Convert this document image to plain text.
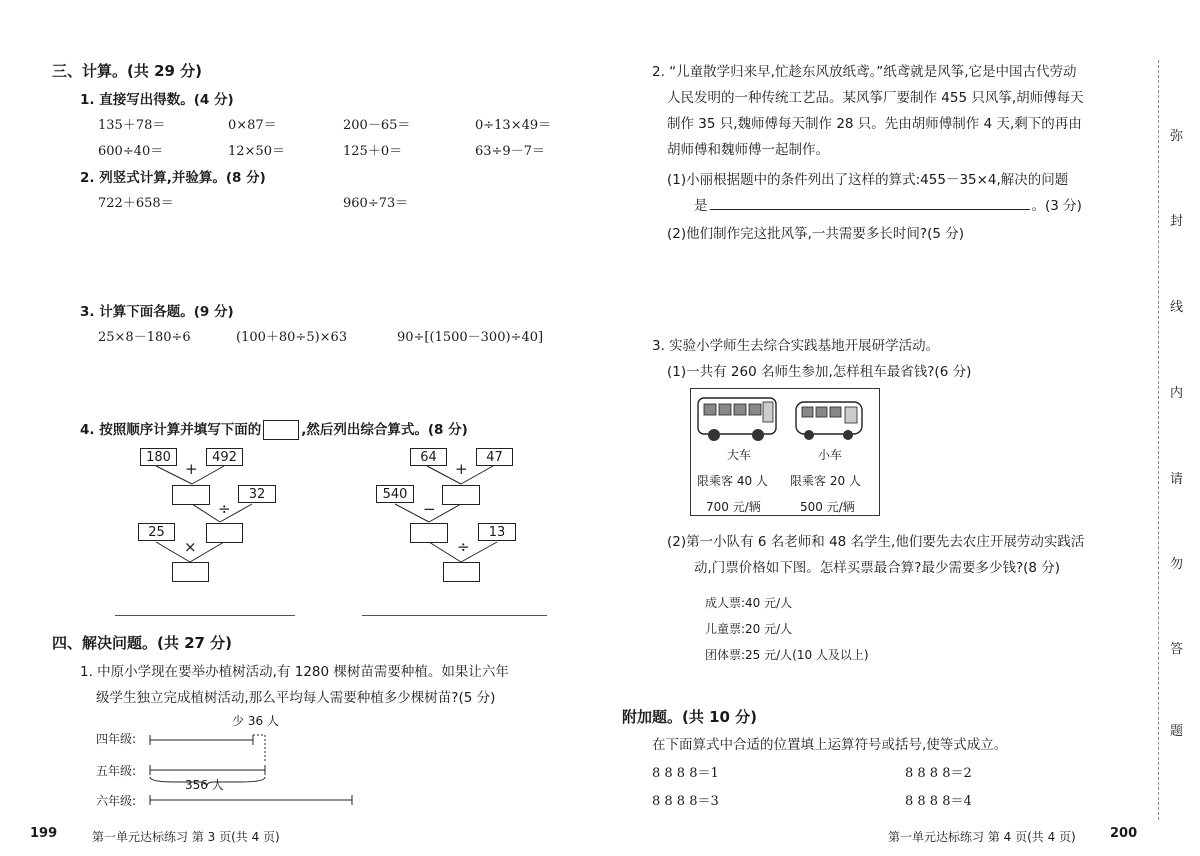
三、计算。(共 29 分)
1. 直接写出得数。(4 分)
135＋78＝	0×87＝	200－65＝	0÷13×49＝
600÷40＝	12×50＝	125＋0＝	63÷9－7＝
2. 列竖式计算,并验算。(8 分)
722＋658＝	960÷73＝
3. 计算下面各题。(9 分)
25×8－180÷6	(100＋80÷5)×63	90÷[(1500－300)÷40]
4. 按照顺序计算并填写下面的	,然后列出综合算式。(8 分)
180	492
+
32
÷
25
×
64	47
+
540
−
13
÷
四、解决问题。(共 27 分)
1. 中原小学现在要举办植树活动,有 1280 棵树苗需要种植。如果让六年
级学生独立完成植树活动,那么平均每人需要种植多少棵树苗?(5 分)
少 36 人
四年级:
五年级:
六年级:
356 人
199	第一单元达标练习 第 3 页(共 4 页)
2. “儿童散学归来早,忙趁东风放纸鸢。”纸鸢就是风筝,它是中国古代劳动
人民发明的一种传统工艺品。某风筝厂要制作 455 只风筝,胡师傅每天
制作 35 只,魏师傅每天制作 28 只。先由胡师傅制作 4 天,剩下的再由
胡师傅和魏师傅一起制作。
(1)小丽根据题中的条件列出了这样的算式:455－35×4,解决的问题
是	。(3 分)
(2)他们制作完这批风筝,一共需要多长时间?(5 分)
3. 实验小学师生去综合实践基地开展研学活动。
(1)一共有 260 名师生参加,怎样租车最省钱?(6 分)
大车	小车
限乘客 40 人 限乘客 20 人
700 元/辆	500 元/辆
(2)第一小队有 6 名老师和 48 名学生,他们要先去农庄开展劳动实践活
动,门票价格如下图。怎样买票最合算?最少需要多少钱?(8 分)
成人票:40 元/人
儿童票:20 元/人
团体票:25 元/人(10 人及以上)
附加题。(共 10 分)
在下面算式中合适的位置填上运算符号或括号,使等式成立。
8 8 8 8＝1	8 8 8 8＝2
8 8 8 8＝3	8 8 8 8＝4
第一单元达标练习 第 4 页(共 4 页)	200
弥
封
线
内
请
勿
答
题
